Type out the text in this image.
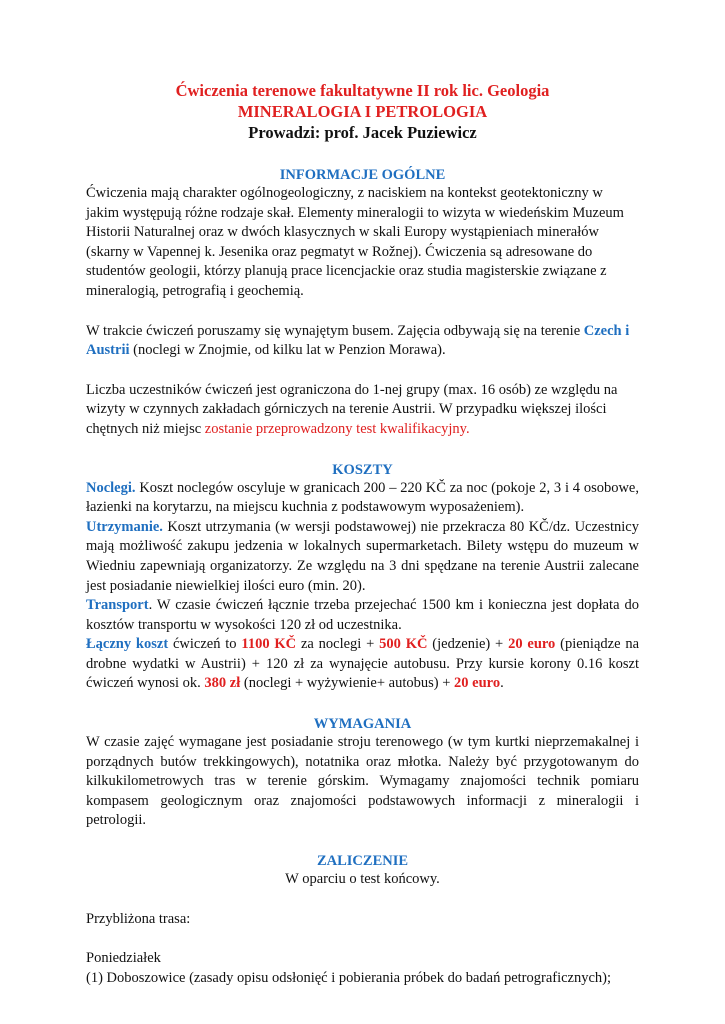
Ćwiczenia terenowe fakultatywne II rok lic. Geologia
MINERALOGIA I PETROLOGIA
Prowadzi: prof. Jacek Puziewicz
INFORMACJE OGÓLNE

Ćwiczenia mają charakter ogólnogeologiczny, z naciskiem na kontekst geotektoniczny w jakim występują różne rodzaje skał. Elementy mineralogii to wizyta w wiedeńskim Muzeum Historii Naturalnej oraz w dwóch klasycznych w skali Europy wystąpieniach minerałów (skarny w Vapennej k. Jesenika oraz pegmatyt w Rožnej). Ćwiczenia są adresowane do studentów geologii, którzy planują prace licencjackie oraz studia magisterskie związane z mineralogią, petrografią i geochemią.

W trakcie ćwiczeń poruszamy się wynajętym busem. Zajęcia odbywają się na terenie Czech i Austrii (noclegi w Znojmie, od kilku lat w Penzion Morawa).

Liczba uczestników ćwiczeń jest ograniczona do 1-nej grupy (max. 16 osób) ze względu na wizyty w czynnych zakładach górniczych na terenie Austrii. W przypadku większej ilości chętnych niż miejsc zostanie przeprowadzony test kwalifikacyjny.

KOSZTY

Noclegi. Koszt noclegów oscyluje w granicach 200 – 220 KČ za noc (pokoje 2, 3 i 4 osobowe, łazienki na korytarzu, na miejscu kuchnia z podstawowym wyposażeniem).

Utrzymanie. Koszt utrzymania (w wersji podstawowej) nie przekracza 80 KČ/dz. Uczestnicy mają możliwość zakupu jedzenia w lokalnych supermarketach. Bilety wstępu do muzeum w Wiedniu zapewniają organizatorzy. Ze względu na 3 dni spędzane na terenie Austrii zalecane jest posiadanie niewielkiej ilości euro (min. 20).

Transport. W czasie ćwiczeń łącznie trzeba przejechać 1500 km i konieczna jest dopłata do kosztów transportu w wysokości 120 zł od uczestnika.

Łączny koszt ćwiczeń to 1100 KČ za noclegi + 500 KČ (jedzenie) + 20 euro (pieniądze na drobne wydatki w Austrii) + 120 zł za wynajęcie autobusu. Przy kursie korony 0.16 koszt ćwiczeń wynosi ok. 380 zł (noclegi + wyżywienie+ autobus) + 20 euro.

WYMAGANIA

W czasie zajęć wymagane jest posiadanie stroju terenowego (w tym kurtki nieprzemakalnej i porządnych butów trekkingowych), notatnika oraz młotka. Należy być przygotowanym do kilkukilometrowych tras w terenie górskim. Wymagamy znajomości technik pomiaru kompasem geologicznym oraz znajomości podstawowych informacji z mineralogii i petrologii.

ZALICZENIE

W oparciu o test końcowy.

Przybliżona trasa:

Poniedziałek

(1) Doboszowice (zasady opisu odsłonięć i pobierania próbek do badań petrograficznych);
